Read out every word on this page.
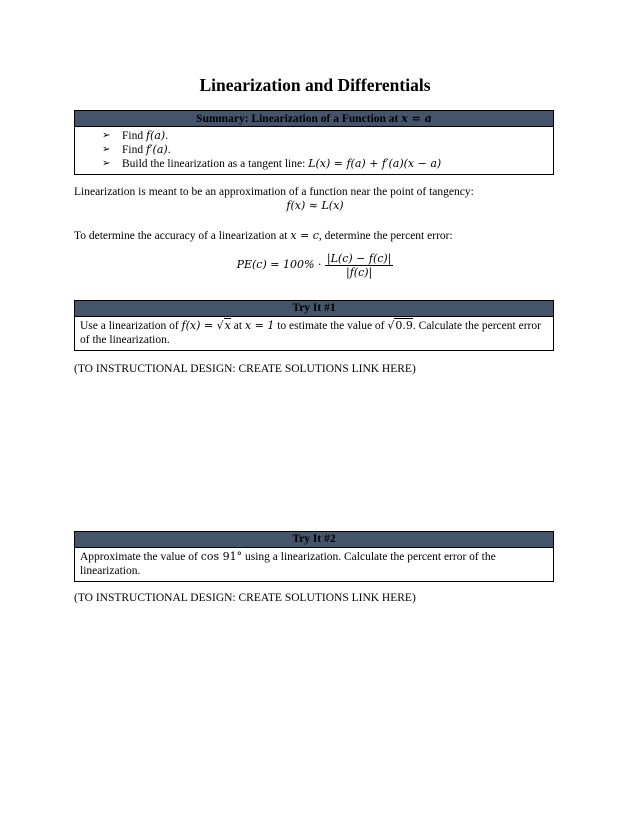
Linearization and Differentials
Summary: Linearization of a Function at x = a
➢ Find f(a).
➢ Find f′(a).
➢ Build the linearization as a tangent line: L(x) = f(a) + f′(a)(x − a)
Linearization is meant to be an approximation of a function near the point of tangency:
f(x) ≈ L(x)
To determine the accuracy of a linearization at x = c, determine the percent error:
$PE(c) = 100\% \cdot \frac{|L(c) - f(c)|}{|f(c)|}$
Try It #1
Use a linearization of f(x) = √x at x = 1 to estimate the value of √0.9. Calculate the percent error of the linearization.
(TO INSTRUCTIONAL DESIGN: CREATE SOLUTIONS LINK HERE)
Try It #2
Approximate the value of cos 91° using a linearization. Calculate the percent error of the linearization.
(TO INSTRUCTIONAL DESIGN: CREATE SOLUTIONS LINK HERE)
